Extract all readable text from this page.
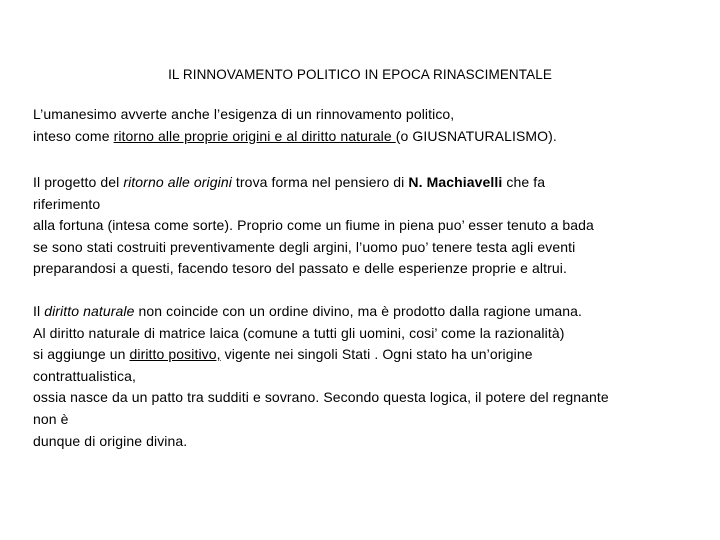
IL RINNOVAMENTO POLITICO IN EPOCA RINASCIMENTALE
L’umanesimo avverte anche l’esigenza di un rinnovamento politico,
inteso come ritorno alle proprie origini e al diritto naturale (o GIUSNATURALISMO).
Il progetto del ritorno alle origini trova forma nel pensiero di N. Machiavelli che fa
riferimento
alla fortuna (intesa come sorte). Proprio come un fiume in piena puo’ esser tenuto a bada
se sono stati costruiti preventivamente degli argini, l’uomo puo’ tenere testa agli eventi
preparandosi a questi, facendo tesoro del passato e delle esperienze proprie e altrui.
Il diritto naturale non coincide con un ordine divino, ma è prodotto dalla ragione umana.
Al diritto naturale di matrice laica (comune a tutti gli uomini, cosi’ come la razionalità)
si aggiunge un diritto positivo, vigente nei singoli Stati . Ogni stato ha un’origine
contrattualistica,
ossia nasce da un patto tra sudditi e sovrano. Secondo questa logica, il potere del regnante
non è
dunque di origine divina.
